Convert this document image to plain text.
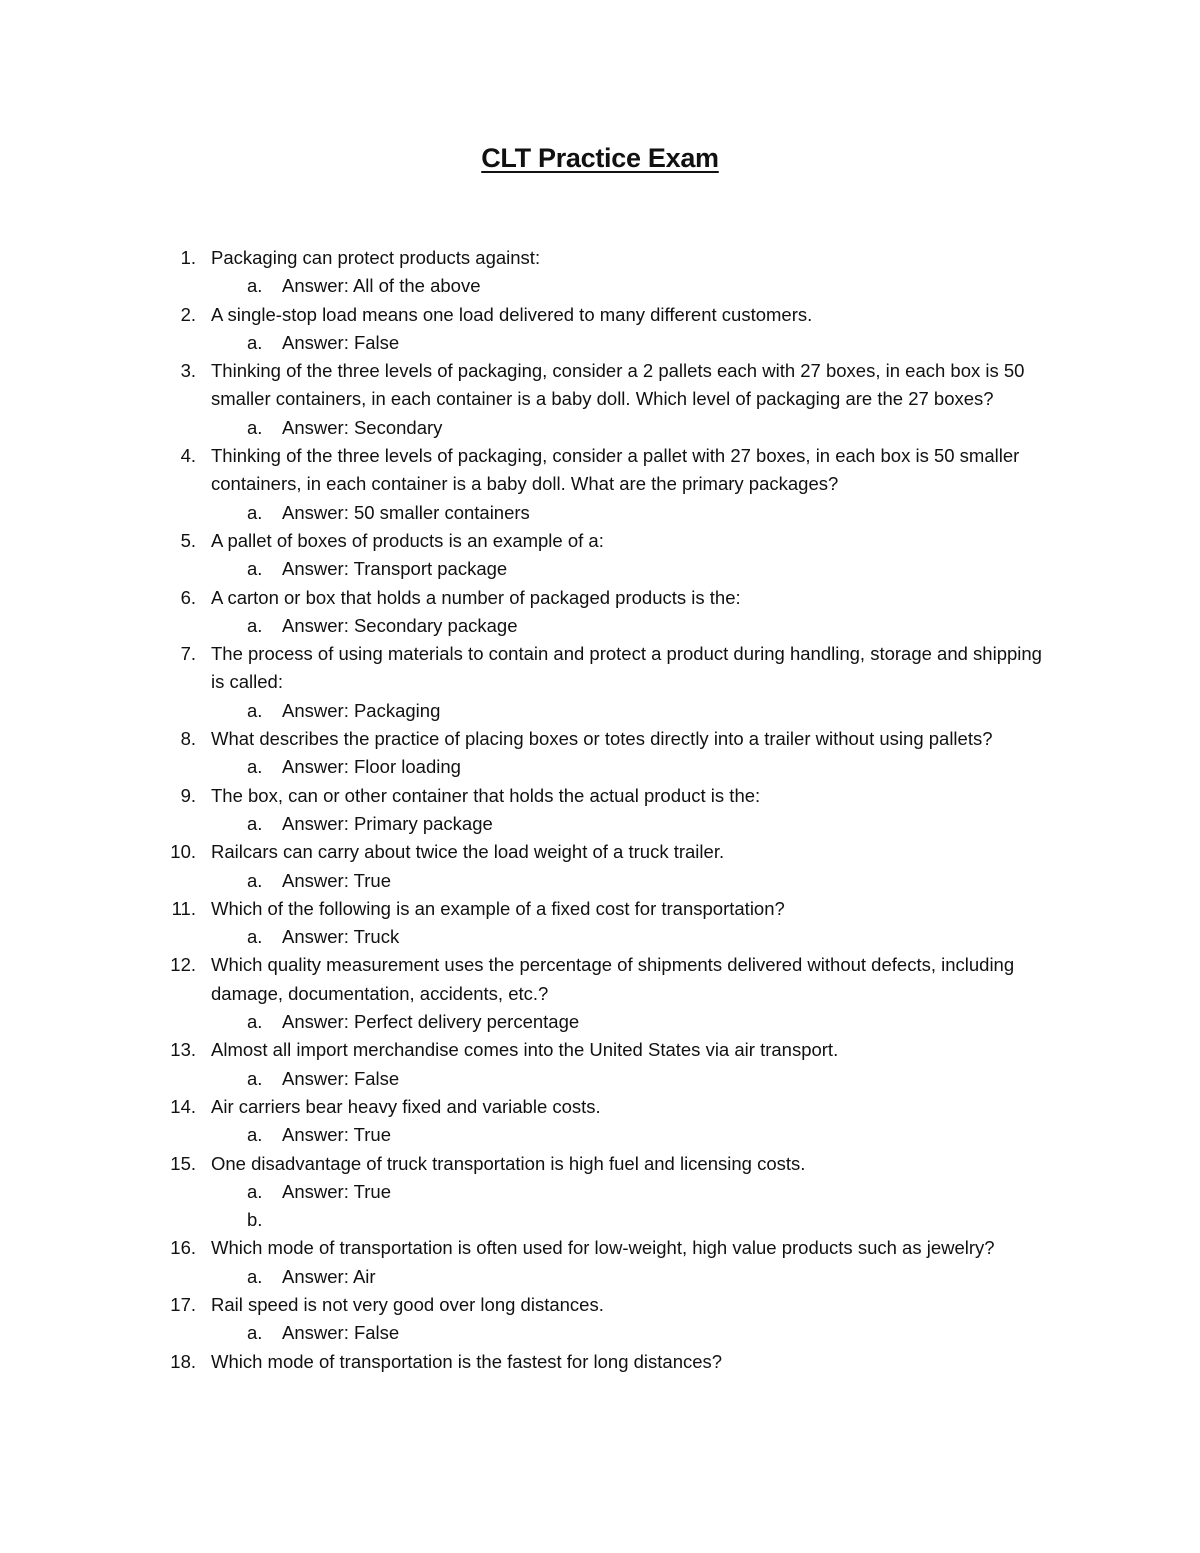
CLT Practice Exam
1. Packaging can protect products against:
a. Answer: All of the above
2. A single-stop load means one load delivered to many different customers.
a. Answer: False
3. Thinking of the three levels of packaging, consider a 2 pallets each with 27 boxes, in each box is 50 smaller containers, in each container is a baby doll. Which level of packaging are the 27 boxes?
a. Answer: Secondary
4. Thinking of the three levels of packaging, consider a pallet with 27 boxes, in each box is 50 smaller containers, in each container is a baby doll. What are the primary packages?
a. Answer: 50 smaller containers
5. A pallet of boxes of products is an example of a:
a. Answer: Transport package
6. A carton or box that holds a number of packaged products is the:
a. Answer: Secondary package
7. The process of using materials to contain and protect a product during handling, storage and shipping is called:
a. Answer: Packaging
8. What describes the practice of placing boxes or totes directly into a trailer without using pallets?
a. Answer: Floor loading
9. The box, can or other container that holds the actual product is the:
a. Answer: Primary package
10. Railcars can carry about twice the load weight of a truck trailer.
a. Answer: True
11. Which of the following is an example of a fixed cost for transportation?
a. Answer: Truck
12. Which quality measurement uses the percentage of shipments delivered without defects, including damage, documentation, accidents, etc.?
a. Answer: Perfect delivery percentage
13. Almost all import merchandise comes into the United States via air transport.
a. Answer: False
14. Air carriers bear heavy fixed and variable costs.
a. Answer: True
15. One disadvantage of truck transportation is high fuel and licensing costs.
a. Answer: True
b.
16. Which mode of transportation is often used for low-weight, high value products such as jewelry?
a. Answer: Air
17. Rail speed is not very good over long distances.
a. Answer: False
18. Which mode of transportation is the fastest for long distances?
